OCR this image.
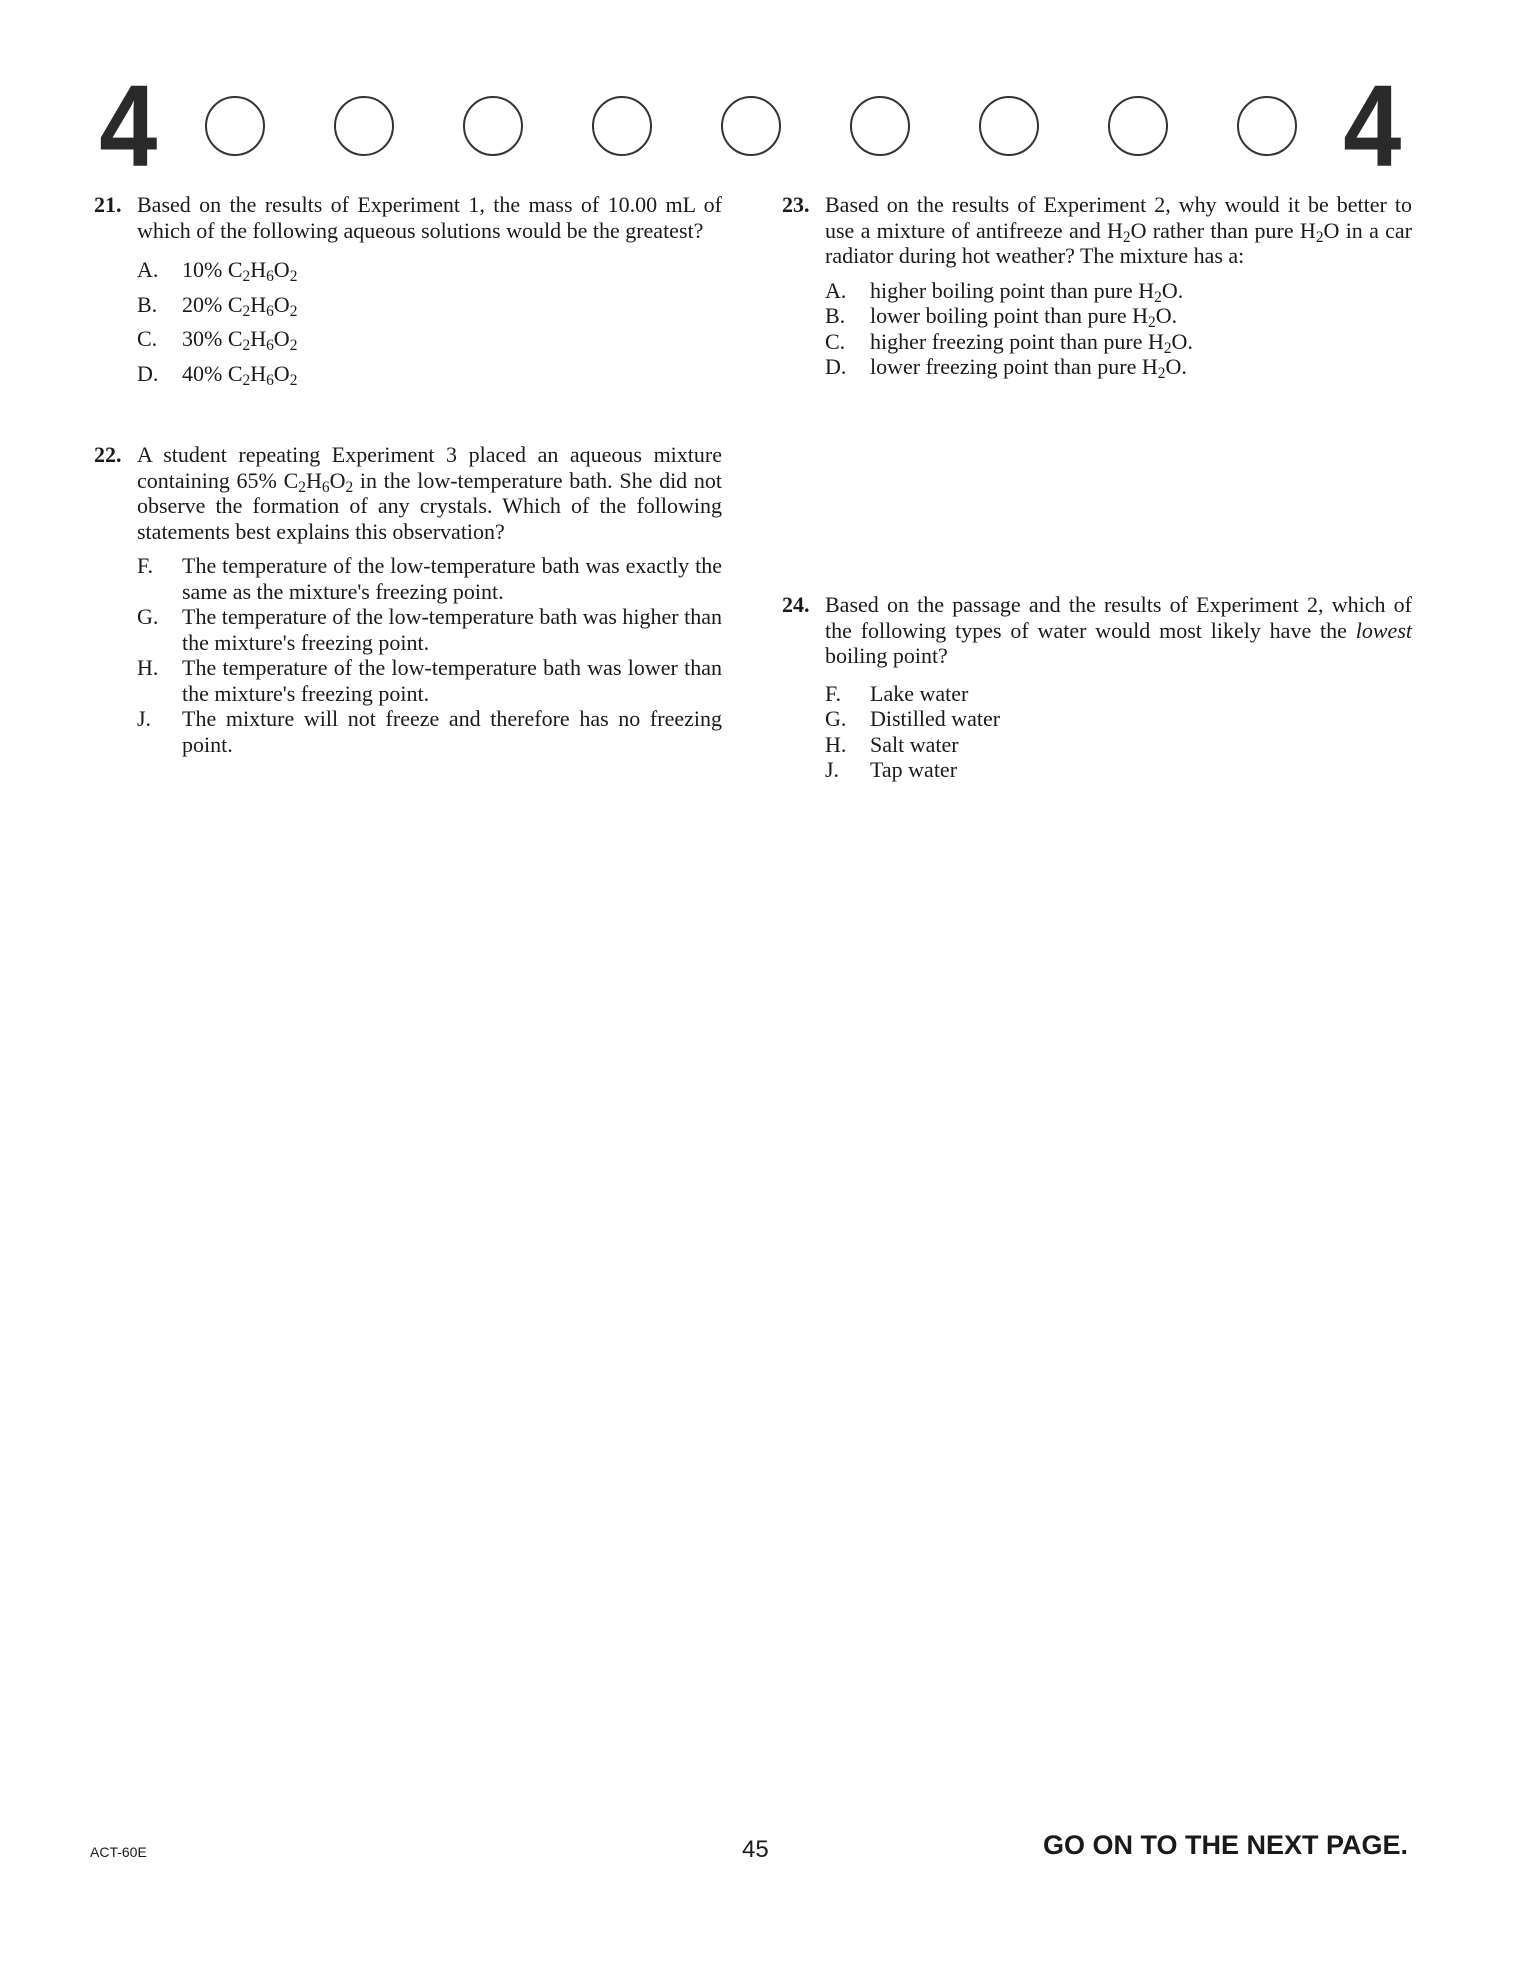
4	4
21. Based on the results of Experiment 1, the mass of 10.00 mL of which of the following aqueous solutions would be the greatest?
A. 10% $C_2H_6O_2$
B. 20% $C_2H_6O_2$
C. 30% $C_2H_6O_2$
D. 40% $C_2H_6O_2$
22. A student repeating Experiment 3 placed an aqueous mixture containing 65% $C_2H_6O_2$ in the low-temperature bath. She did not observe the formation of any crystals. Which of the following statements best explains this observation?
F. The temperature of the low-temperature bath was exactly the same as the mixture's freezing point.
G. The temperature of the low-temperature bath was higher than the mixture's freezing point.
H. The temperature of the low-temperature bath was lower than the mixture's freezing point.
J. The mixture will not freeze and therefore has no freezing point.
23. Based on the results of Experiment 2, why would it be better to use a mixture of antifreeze and $H_2O$ rather than pure $H_2O$ in a car radiator during hot weather? The mixture has a:
A. higher boiling point than pure $H_2O$.
B. lower boiling point than pure $H_2O$.
C. higher freezing point than pure $H_2O$.
D. lower freezing point than pure $H_2O$.
24. Based on the passage and the results of Experiment 2, which of the following types of water would most likely have the lowest boiling point?
F. Lake water
G. Distilled water
H. Salt water
J. Tap water
ACT-60E	45	GO ON TO THE NEXT PAGE.
